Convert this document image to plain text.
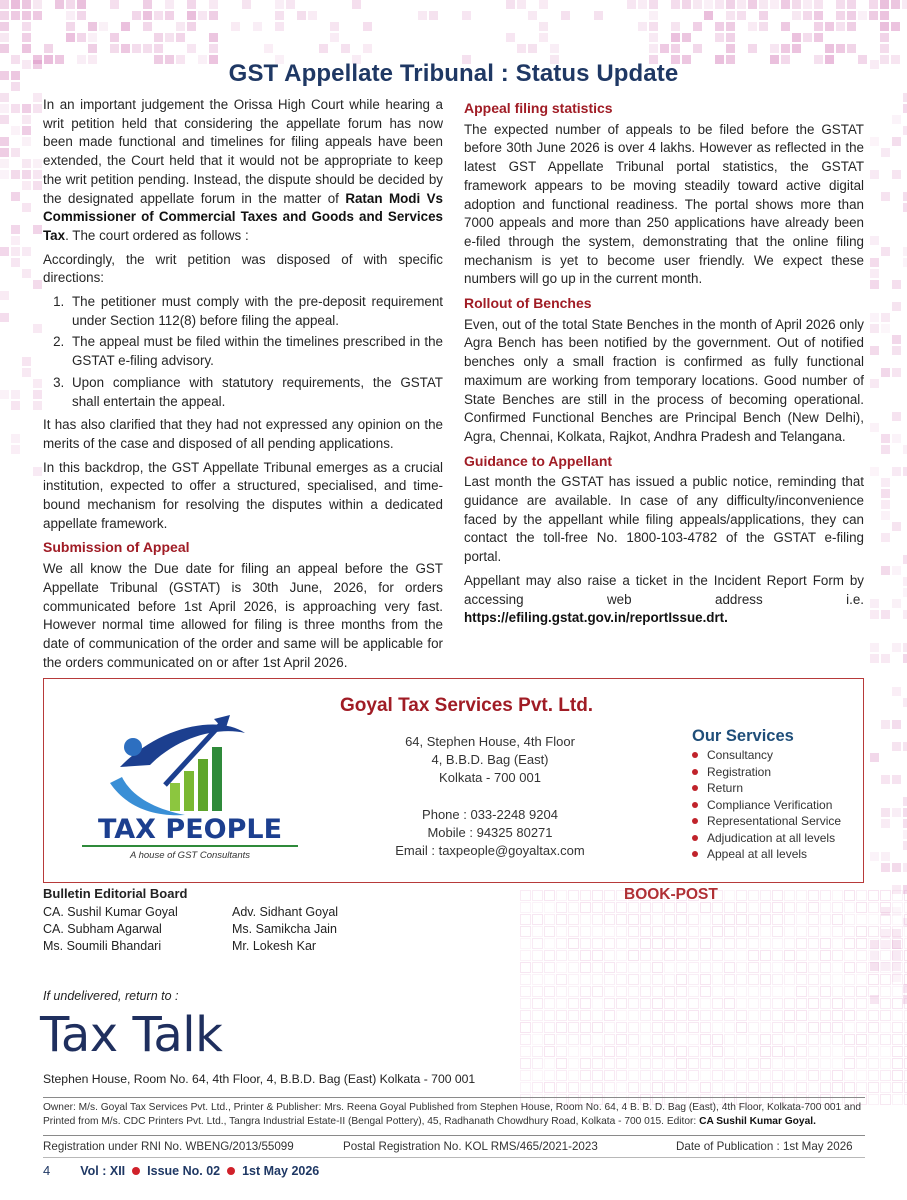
GST Appellate Tribunal : Status Update

In an important judgement the Orissa High Court while hearing a writ petition held that considering the appellate forum has now been made functional and timelines for filing appeals have been extended, the Court held that it would not be appropriate to keep the writ petition pending. Instead, the dispute should be decided by the designated appellate forum in the matter of Ratan Modi Vs Commissioner of Commercial Taxes and Goods and Services Tax. The court ordered as follows :

Accordingly, the writ petition was disposed of with specific directions:

1. The petitioner must comply with the pre-deposit requirement under Section 112(8) before filing the appeal.
2. The appeal must be filed within the timelines prescribed in the GSTAT e-filing advisory.
3. Upon compliance with statutory requirements, the GSTAT shall entertain the appeal.

It has also clarified that they had not expressed any opinion on the merits of the case and disposed of all pending applications.

In this backdrop, the GST Appellate Tribunal emerges as a crucial institution, expected to offer a structured, specialised, and time-bound mechanism for resolving the disputes within a dedicated appellate framework.

Submission of Appeal

We all know the Due date for filing an appeal before the GST Appellate Tribunal (GSTAT) is 30th June, 2026, for orders communicated before 1st April 2026, is approaching very fast. However normal time allowed for filing is three months from the date of communication of the order and same will be applicable for the orders communicated on or after 1st April 2026.

Appeal filing statistics

The expected number of appeals to be filed before the GSTAT before 30th June 2026 is over 4 lakhs. However as reflected in the latest GST Appellate Tribunal portal statistics, the GSTAT framework appears to be moving steadily toward active digital adoption and functional readiness. The portal shows more than 7000 appeals and more than 250 applications have already been e-filed through the system, demonstrating that the online filing mechanism is yet to become user friendly. We expect these numbers will go up in the current month.

Rollout of Benches

Even, out of the total State Benches in the month of April 2026 only Agra Bench has been notified by the government. Out of notified benches only a small fraction is confirmed as fully functional maximum are working from temporary locations. Good number of State Benches are still in the process of becoming operational. Confirmed Functional Benches are Principal Bench (New Delhi), Agra, Chennai, Kolkata, Rajkot, Andhra Pradesh and Telangana.

Guidance to Appellant

Last month the GSTAT has issued a public notice, reminding that guidance are available. In case of any difficulty/inconvenience faced by the appellant while filing appeals/applications, they can contact the toll-free No. 1800-103-4782 of the GSTAT e-filing portal.

Appellant may also raise a ticket in the Incident Report Form by accessing web address i.e. https://efiling.gstat.gov.in/reportIssue.drt.

TAX PEOPLE
A house of GST Consultants
Goyal Tax Services Pvt. Ltd.
64, Stephen House, 4th Floor
4, B.B.D. Bag (East)
Kolkata - 700 001
Phone : 033-2248 9204
Mobile : 94325 80271
Email : taxpeople@goyaltax.com
Our Services
Consultancy
Registration
Return
Compliance Verification
Representational Service
Adjudication at all levels
Appeal at all levels
Bulletin Editorial Board
CA. Sushil Kumar Goyal
CA. Subham Agarwal
Ms. Soumili Bhandari
Adv. Sidhant Goyal
Ms. Samikcha Jain
Mr. Lokesh Kar
BOOK-POST
If undelivered, return to :
Tax Talk
Stephen House, Room No. 64, 4th Floor, 4, B.B.D. Bag (East) Kolkata - 700 001
Owner: M/s. Goyal Tax Services Pvt. Ltd., Printer & Publisher: Mrs. Reena Goyal Published from Stephen House, Room No. 64, 4 B. B. D. Bag (East), 4th Floor, Kolkata-700 001 and Printed from M/s. CDC Printers Pvt. Ltd., Tangra Industrial Estate-II (Bengal Pottery), 45, Radhanath Chowdhury Road, Kolkata - 700 015. Editor: CA Sushil Kumar Goyal.
Registration under RNI No. WBENG/2013/55099	Postal Registration No. KOL RMS/465/2021-2023	Date of Publication : 1st May 2026
4 Vol : XII Issue No. 02 1st May 2026
